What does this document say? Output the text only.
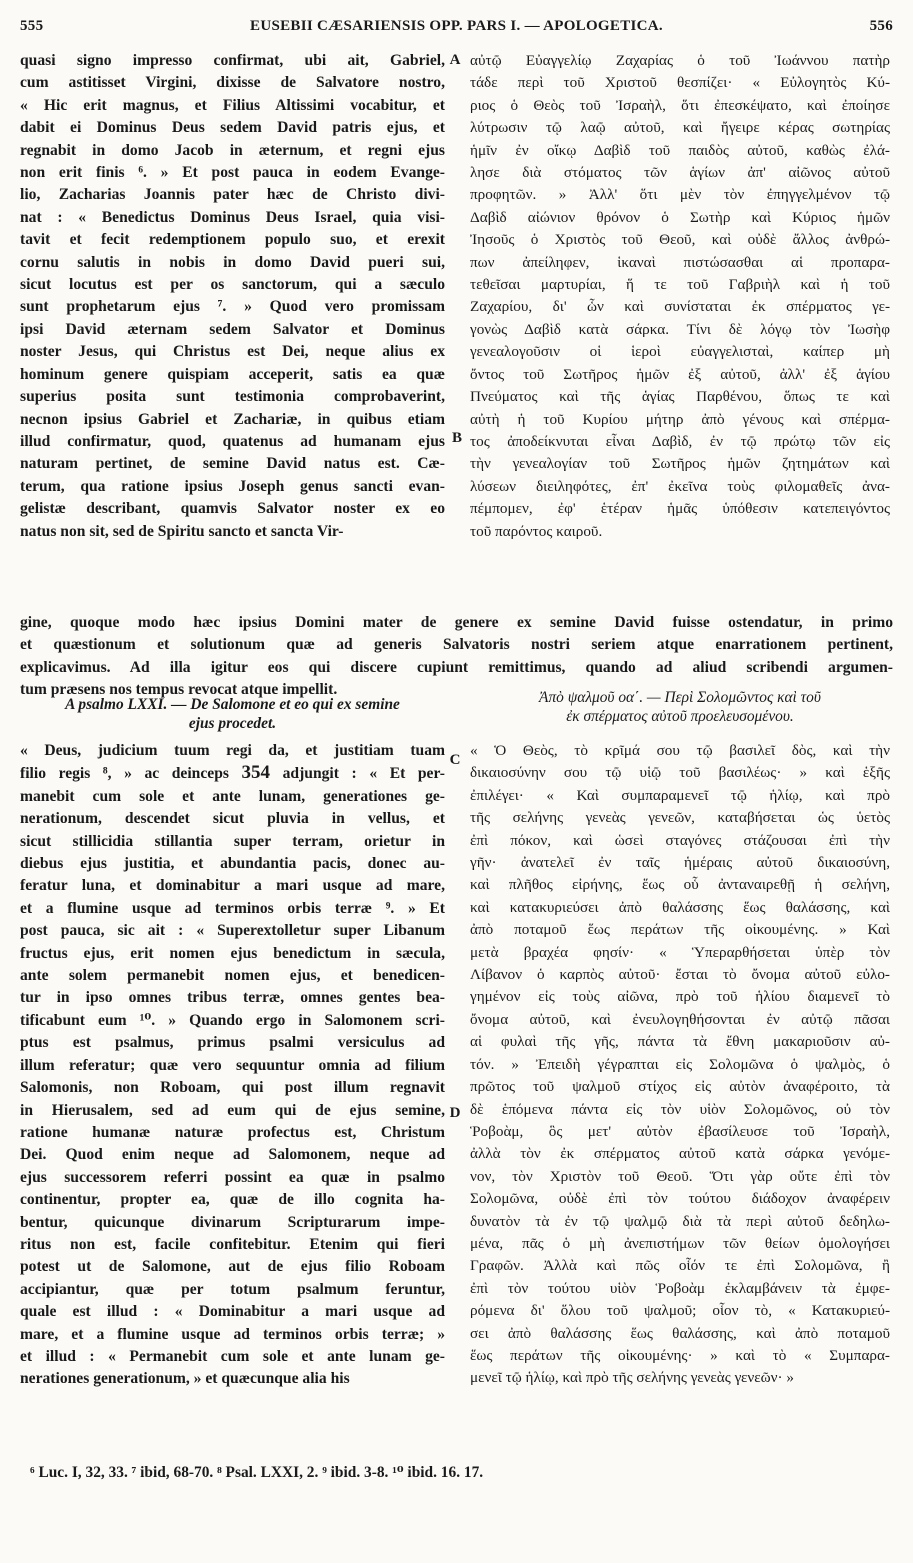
555	EUSEBII CÆSARIENSIS OPP. PARS I. — APOLOGETICA.	556
A
B
C
D
quasi signo impresso confirmat, ubi ait, Gabriel,
cum astitisset Virgini, dixisse de Salvatore nostro,
« Hic erit magnus, et Filius Altissimi vocabitur, et
dabit ei Dominus Deus sedem David patris ejus, et
regnabit in domo Jacob in æternum, et regni ejus
non erit finis ⁶. » Et post pauca in eodem Evange-
lio, Zacharias Joannis pater hæc de Christo divi-
nat : « Benedictus Dominus Deus Israel, quia visi-
tavit et fecit redemptionem populo suo, et erexit
cornu salutis in nobis in domo David pueri sui,
sicut locutus est per os sanctorum, qui a sæculo
sunt prophetarum ejus ⁷. » Quod vero promissam
ipsi David æternam sedem Salvator et Dominus
noster Jesus, qui Christus est Dei, neque alius ex
hominum genere quispiam acceperit, satis ea quæ
superius posita sunt testimonia comprobaverint,
necnon ipsius Gabriel et Zachariæ, in quibus etiam
illud confirmatur, quod, quatenus ad humanam ejus
naturam pertinet, de semine David natus est. Cæ-
terum, qua ratione ipsius Joseph genus sancti evan-
gelistæ describant, quamvis Salvator noster ex eo
natus non sit, sed de Spiritu sancto et sancta Vir-
αὐτῷ Εὐαγγελίῳ Ζαχαρίας ὁ τοῦ Ἰωάννου πατὴρ
τάδε περὶ τοῦ Χριστοῦ θεσπίζει· « Εὐλογητὸς Κύ-
ριος ὁ Θεὸς τοῦ Ἰσραὴλ, ὅτι ἐπεσκέψατο, καὶ ἐποίησε
λύτρωσιν τῷ λαῷ αὐτοῦ, καὶ ἤγειρε κέρας σωτηρίας
ἡμῖν ἐν οἴκῳ Δαβὶδ τοῦ παιδὸς αὐτοῦ, καθὼς ἐλά-
λησε διὰ στόματος τῶν ἁγίων ἀπ' αἰῶνος αὐτοῦ
προφητῶν. » Ἀλλ' ὅτι μὲν τὸν ἐπηγγελμένον τῷ
Δαβὶδ αἰώνιον θρόνον ὁ Σωτὴρ καὶ Κύριος ἡμῶν
Ἰησοῦς ὁ Χριστὸς τοῦ Θεοῦ, καὶ οὐδὲ ἄλλος ἀνθρώ-
πων ἀπείληφεν, ἱκαναὶ πιστώσασθαι αἱ προπαρα-
τεθεῖσαι μαρτυρίαι, ἥ τε τοῦ Γαβριὴλ καὶ ἡ τοῦ
Ζαχαρίου, δι' ὧν καὶ συνίσταται ἐκ σπέρματος γε-
γονὼς Δαβὶδ κατὰ σάρκα. Τίνι δὲ λόγῳ τὸν Ἰωσὴφ
γενεαλογοῦσιν οἱ ἱεροὶ εὐαγγελισταὶ, καίπερ μὴ
ὄντος τοῦ Σωτῆρος ἡμῶν ἐξ αὐτοῦ, ἀλλ' ἐξ ἁγίου
Πνεύματος καὶ τῆς ἁγίας Παρθένου, ὅπως τε καὶ
αὐτὴ ἡ τοῦ Κυρίου μήτηρ ἀπὸ γένους καὶ σπέρμα-
τος ἀποδείκνυται εἶναι Δαβὶδ, ἐν τῷ πρώτῳ τῶν εἰς
τὴν γενεαλογίαν τοῦ Σωτῆρος ἡμῶν ζητημάτων καὶ
λύσεων διειληφότες, ἐπ' ἐκεῖνα τοὺς φιλομαθεῖς ἀνα-
πέμπομεν, ἐφ' ἑτέραν ἡμᾶς ὑπόθεσιν κατεπειγόντος
τοῦ παρόντος καιροῦ.
gine, quoque modo hæc ipsius Domini mater de genere ex semine David fuisse ostendatur, in primo
et quæstionum et solutionum quæ ad generis Salvatoris nostri seriem atque enarrationem pertinent,
explicavimus. Ad illa igitur eos qui discere cupiunt remittimus, quando ad aliud scribendi argumen-
tum præsens nos tempus revocat atque impellit.
A psalmo LXXI. — De Salomone et eo qui ex semine
ejus procedet.
Ἀπὸ ψαλμοῦ οα΄. — Περὶ Σολομῶντος καὶ τοῦ
ἐκ σπέρματος αὐτοῦ προελευσομένου.
« Deus, judicium tuum regi da, et justitiam tuam
filio regis ⁸, » ac deinceps 354 adjungit : « Et per-
manebit cum sole et ante lunam, generationes ge-
nerationum, descendet sicut pluvia in vellus, et
sicut stillicidia stillantia super terram, orietur in
diebus ejus justitia, et abundantia pacis, donec au-
feratur luna, et dominabitur a mari usque ad mare,
et a flumine usque ad terminos orbis terræ ⁹. » Et
post pauca, sic ait : « Superextolletur super Libanum
fructus ejus, erit nomen ejus benedictum in sæcula,
ante solem permanebit nomen ejus, et benedicen-
tur in ipso omnes tribus terræ, omnes gentes bea-
tificabunt eum ¹⁰. » Quando ergo in Salomonem scri-
ptus est psalmus, primus psalmi versiculus ad
illum referatur; quæ vero sequuntur omnia ad filium
Salomonis, non Roboam, qui post illum regnavit
in Hierusalem, sed ad eum qui de ejus semine,
ratione humanæ naturæ profectus est, Christum
Dei. Quod enim neque ad Salomonem, neque ad
ejus successorem referri possint ea quæ in psalmo
continentur, propter ea, quæ de illo cognita ha-
bentur, quicunque divinarum Scripturarum impe-
ritus non est, facile confitebitur. Etenim qui fieri
potest ut de Salomone, aut de ejus filio Roboam
accipiantur, quæ per totum psalmum feruntur,
quale est illud : « Dominabitur a mari usque ad
mare, et a flumine usque ad terminos orbis terræ; »
et illud : « Permanebit cum sole et ante lunam ge-
nerationes generationum, » et quæcunque alia his
« Ὁ Θεὸς, τὸ κρῖμά σου τῷ βασιλεῖ δὸς, καὶ τὴν
δικαιοσύνην σου τῷ υἱῷ τοῦ βασιλέως· » καὶ ἑξῆς
ἐπιλέγει· « Καὶ συμπαραμενεῖ τῷ ἡλίῳ, καὶ πρὸ
τῆς σελήνης γενεὰς γενεῶν, καταβήσεται ὡς ὑετὸς
ἐπὶ πόκον, καὶ ὡσεὶ σταγόνες στάζουσαι ἐπὶ τὴν
γῆν· ἀνατελεῖ ἐν ταῖς ἡμέραις αὐτοῦ δικαιοσύνη,
καὶ πλῆθος εἰρήνης, ἕως οὗ ἀνταναιρεθῇ ἡ σελήνη,
καὶ κατακυριεύσει ἀπὸ θαλάσσης ἕως θαλάσσης, καὶ
ἀπὸ ποταμοῦ ἕως περάτων τῆς οἰκουμένης. » Καὶ
μετὰ βραχέα φησίν· « Ὑπεραρθήσεται ὑπὲρ τὸν
Λίβανον ὁ καρπὸς αὐτοῦ· ἔσται τὸ ὄνομα αὐτοῦ εὐλο-
γημένον εἰς τοὺς αἰῶνα, πρὸ τοῦ ἡλίου διαμενεῖ τὸ
ὄνομα αὐτοῦ, καὶ ἐνευλογηθήσονται ἐν αὐτῷ πᾶσαι
αἱ φυλαὶ τῆς γῆς, πάντα τὰ ἔθνη μακαριοῦσιν αὐ-
τόν. » Ἐπειδὴ γέγραπται εἰς Σολομῶνα ὁ ψαλμὸς, ὁ
πρῶτος τοῦ ψαλμοῦ στίχος εἰς αὐτὸν ἀναφέροιτο, τὰ
δὲ ἑπόμενα πάντα εἰς τὸν υἱὸν Σολομῶνος, οὐ τὸν
Ῥοβοὰμ, ὃς μετ' αὐτὸν ἐβασίλευσε τοῦ Ἰσραὴλ,
ἀλλὰ τὸν ἐκ σπέρματος αὐτοῦ κατὰ σάρκα γενόμε-
νον, τὸν Χριστὸν τοῦ Θεοῦ. Ὅτι γὰρ οὔτε ἐπὶ τὸν
Σολομῶνα, οὐδὲ ἐπὶ τὸν τούτου διάδοχον ἀναφέρειν
δυνατὸν τὰ ἐν τῷ ψαλμῷ διὰ τὰ περὶ αὐτοῦ δεδηλω-
μένα, πᾶς ὁ μὴ ἀνεπιστήμων τῶν θείων ὁμολογήσει
Γραφῶν. Ἀλλὰ καὶ πῶς οἷόν τε ἐπὶ Σολομῶνα, ἢ
ἐπὶ τὸν τούτου υἱὸν Ῥοβοὰμ ἐκλαμβάνειν τὰ ἐμφε-
ρόμενα δι' ὅλου τοῦ ψαλμοῦ; οἷον τὸ, « Κατακυριεύ-
σει ἀπὸ θαλάσσης ἕως θαλάσσης, καὶ ἀπὸ ποταμοῦ
ἕως περάτων τῆς οἰκουμένης· » καὶ τὸ « Συμπαρα-
μενεῖ τῷ ἡλίῳ, καὶ πρὸ τῆς σελήνης γενεὰς γενεῶν· »
⁶ Luc. I, 32, 33. ⁷ ibid, 68-70. ⁸ Psal. LXXI, 2. ⁹ ibid. 3-8. ¹⁰ ibid. 16. 17.
